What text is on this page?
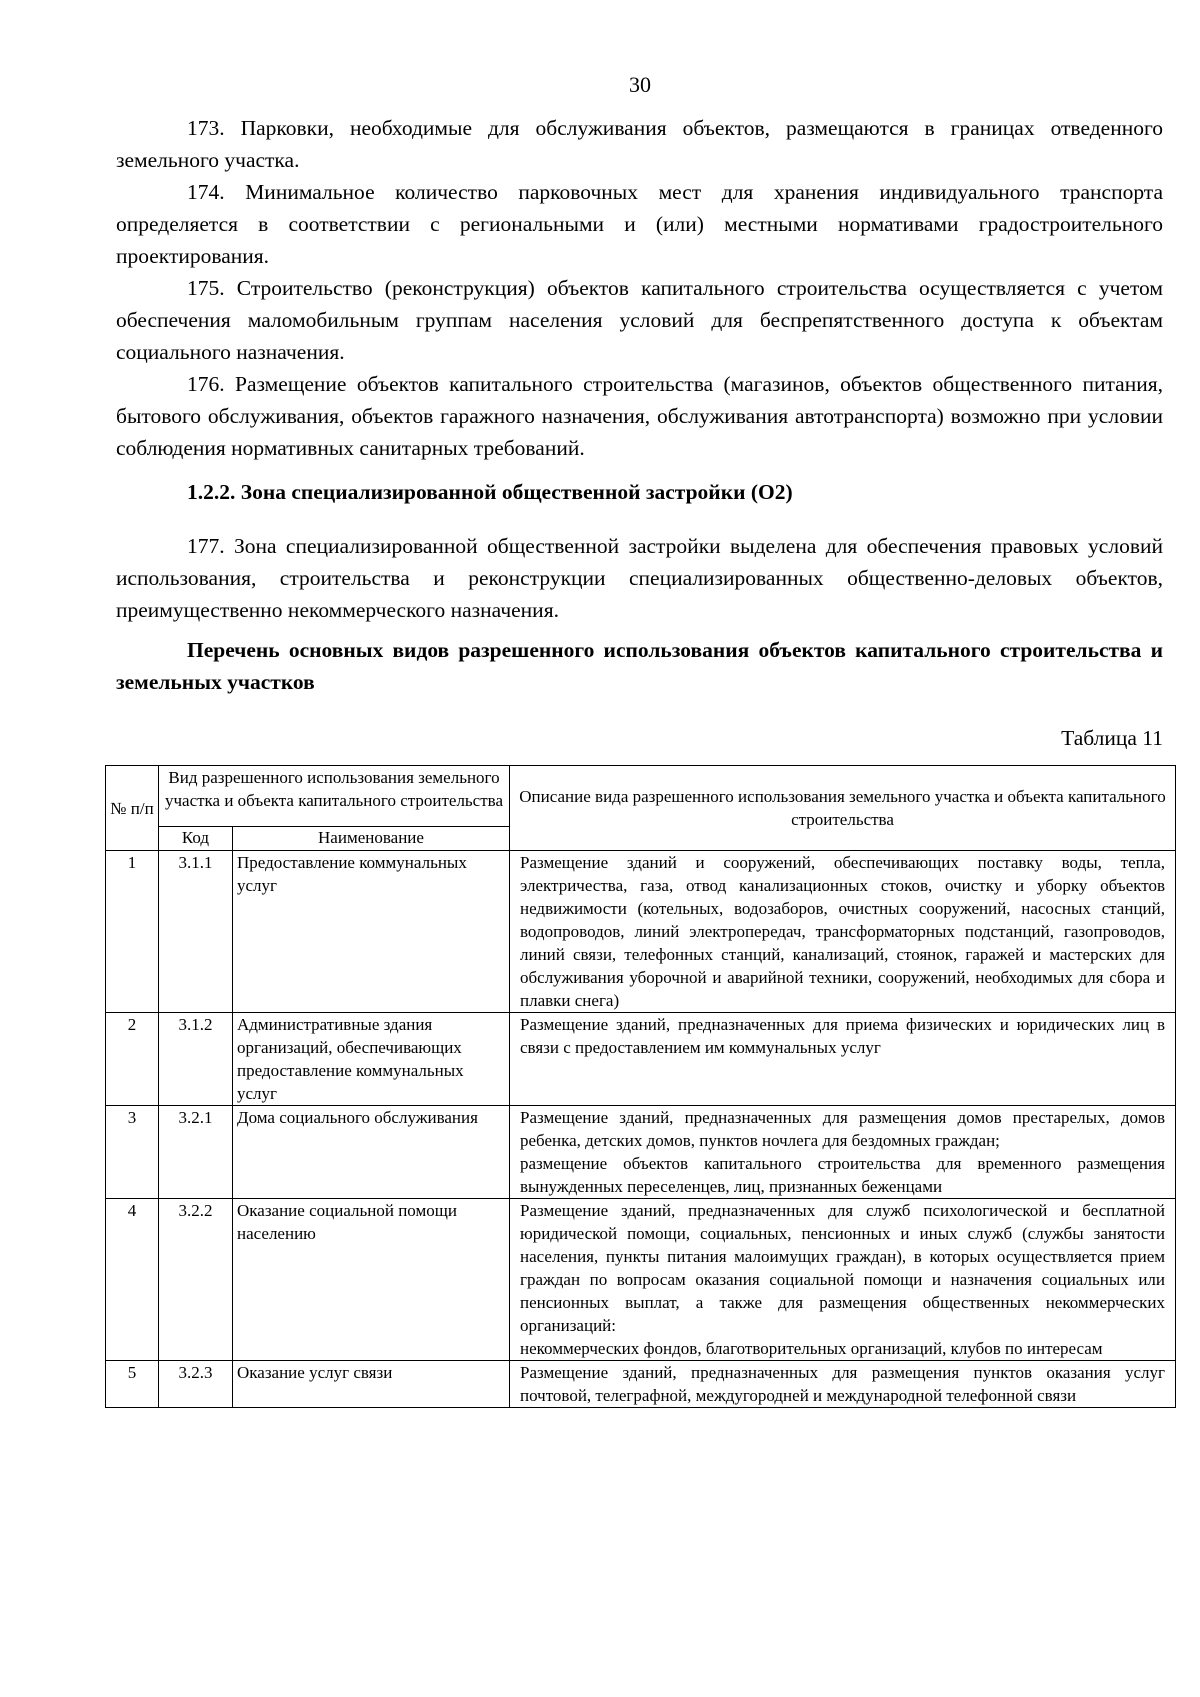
30

173. Парковки, необходимые для обслуживания объектов, размещаются в границах отведенного земельного участка.

174. Минимальное количество парковочных мест для хранения индивидуального транспорта определяется в соответствии с региональными и (или) местными нормативами градостроительного проектирования.

175. Строительство (реконструкция) объектов капитального строительства осуществляется с учетом обеспечения маломобильным группам населения условий для беспрепятственного доступа к объектам социального назначения.

176. Размещение объектов капитального строительства (магазинов, объектов общественного питания, бытового обслуживания, объектов гаражного назначения, обслуживания автотранспорта) возможно при условии соблюдения нормативных санитарных требований.

1.2.2. Зона специализированной общественной застройки (О2)

177. Зона специализированной общественной застройки выделена для обеспечения правовых условий использования, строительства и реконструкции специализированных общественно-деловых объектов, преимущественно некоммерческого назначения.

Перечень основных видов разрешенного использования объектов капитального строительства и земельных участков

Таблица 11
№ п/п	Вид разрешенного использования земельного участка и объекта капитального строительства		Описание вида разрешенного использования земельного участка и объекта капитального строительства
	Код	Наименование	
1	3.1.1	Предоставление коммунальных услуг	Размещение зданий и сооружений, обеспечивающих поставку воды, тепла, электричества, газа, отвод канализационных стоков, очистку и уборку объектов недвижимости (котельных, водозаборов, очистных сооружений, насосных станций, водопроводов, линий электропередач, трансформаторных подстанций, газопроводов, линий связи, телефонных станций, канализаций, стоянок, гаражей и мастерских для обслуживания уборочной и аварийной техники, сооружений, необходимых для сбора и плавки снега)

2	3.1.2	Административные здания организаций, обеспечивающих предоставление коммунальных услуг	Размещение зданий, предназначенных для приема физических и юридических лиц в связи с предоставлением им коммунальных услуг

3	3.2.1	Дома социального обслуживания	Размещение зданий, предназначенных для размещения домов престарелых, домов ребенка, детских домов, пунктов ночлега для бездомных граждан;
размещение объектов капитального строительства для временного размещения вынужденных переселенцев, лиц, признанных беженцами

4	3.2.2	Оказание социальной помощи населению	Размещение зданий, предназначенных для служб психологической и бесплатной юридической помощи, социальных, пенсионных и иных служб (службы занятости населения, пункты питания малоимущих граждан), в которых осуществляется прием граждан по вопросам оказания социальной помощи и назначения социальных или пенсионных выплат, а также для размещения общественных некоммерческих организаций:
некоммерческих фондов, благотворительных организаций, клубов по интересам

5	3.2.3	Оказание услуг связи	Размещение зданий, предназначенных для размещения пунктов оказания услуг почтовой, телеграфной, междугородней и международной телефонной связи
